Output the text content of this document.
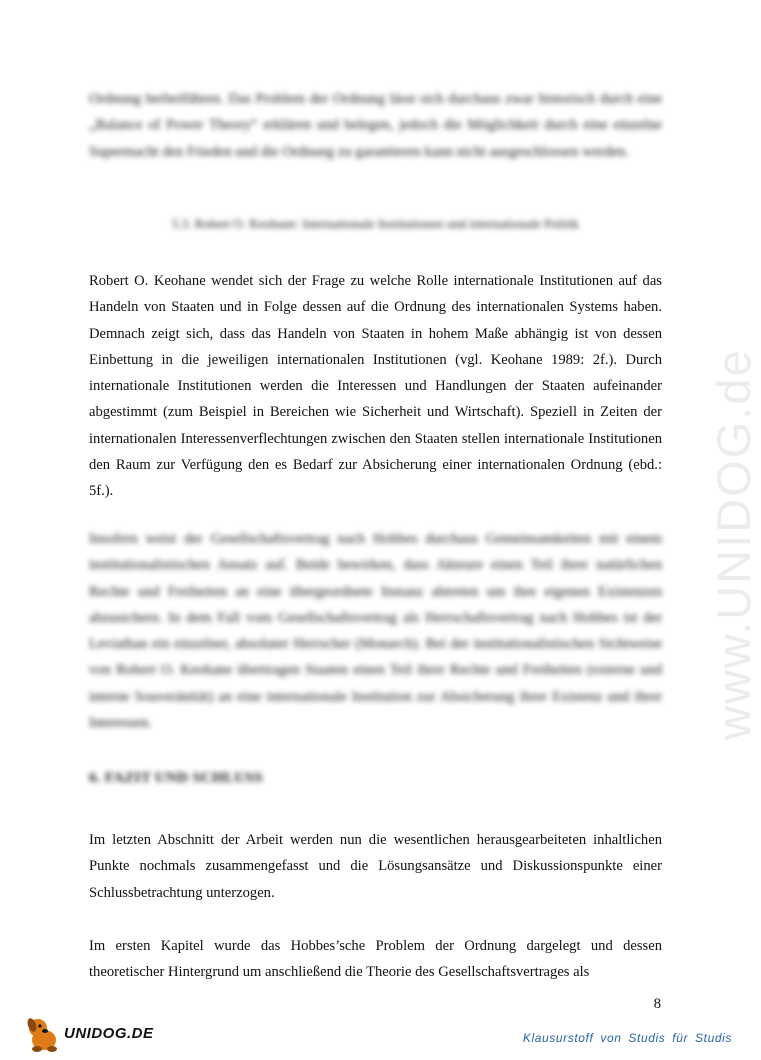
www.UNIDOG.de
Ordnung herbeiführen. Das Problem der Ordnung lässt sich durchaus zwar historisch durch eine „Balance of Power Theory“ erklären und belegen, jedoch die Möglichkeit durch eine einzelne Supermacht den Frieden und die Ordnung zu garantieren kann nicht ausgeschlossen werden.
5.3. Robert O. Keohane: Internationale Institutionen und internationale Politik
Robert O. Keohane wendet sich der Frage zu welche Rolle internationale Institutionen auf das Handeln von Staaten und in Folge dessen auf die Ordnung des internationalen Systems haben. Demnach zeigt sich, dass das Handeln von Staaten in hohem Maße abhängig ist von dessen Einbettung in die jeweiligen internationalen Institutionen (vgl. Keohane 1989: 2f.). Durch internationale Institutionen werden die Interessen und Handlungen der Staaten aufeinander abgestimmt (zum Beispiel in Bereichen wie Sicherheit und Wirtschaft). Speziell in Zeiten der internationalen Interessenverflechtungen zwischen den Staaten stellen internationale Institutionen den Raum zur Verfügung den es Bedarf zur Absicherung einer internationalen Ordnung (ebd.: 5f.).
Insofern weist der Gesellschaftsvertrag nach Hobbes durchaus Gemeinsamkeiten mit einem institutionalistischen Ansatz auf. Beide bewirken, dass Akteure einen Teil ihrer natürlichen Rechte und Freiheiten an eine übergeordnete Instanz abtreten um ihre eigenen Existenzen abzusichern. In dem Fall vom Gesellschaftsvertrag als Herrschaftsvertrag nach Hobbes ist der Leviathan ein einzelner, absoluter Herrscher (Monarch). Bei der institutionalistischen Sichtweise von Robert O. Keohane übertragen Staaten einen Teil ihrer Rechte und Freiheiten (externe und interne Souveränität) an eine internationale Institution zur Absicherung ihrer Existenz und ihrer Interessen.
6. FAZIT UND SCHLUSS
Im letzten Abschnitt der Arbeit werden nun die wesentlichen herausgearbeiteten inhaltlichen Punkte nochmals zusammengefasst und die Lösungsansätze und Diskussionspunkte einer Schlussbetrachtung unterzogen.
Im ersten Kapitel wurde das Hobbes’sche Problem der Ordnung dargelegt und dessen theoretischer Hintergrund um anschließend die Theorie des Gesellschaftsvertrages als
8
UNIDOG.DE	Klausurstoff von Studis für Studis
